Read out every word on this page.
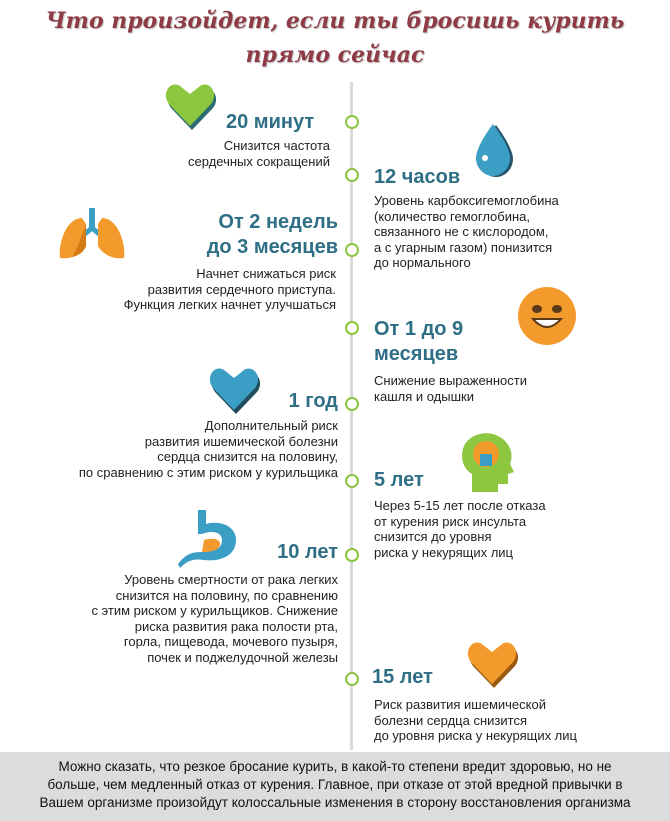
Что произойдет, если ты бросишь курить
прямо сейчас
20 минут
Снизится частота
сердечных сокращений
12 часов
Уровень карбоксигемоглобина
(количество гемоглобина,
связанного не с кислородом,
а с угарным газом) понизится
до нормального
От 2 недель
до 3 месяцев
Начнет снижаться риск
развития сердечного приступа.
Функция легких начнет улучшаться
От 1 до 9
месяцев
Снижение выраженности
кашля и одышки
1 год
Дополнительный риск
развития ишемической болезни
сердца снизится на половину,
по сравнению с этим риском у курильщика 5 лет
Через 5-15 лет после отказа
от курения риск инсульта
снизится до уровня
риска у некурящих лиц
10 лет
Уровень смертности от рака легких
снизится на половину, по сравнению
с этим риском у курильщиков. Снижение
риска развития рака полости рта,
горла, пищевода, мочевого пузыря,
почек и поджелудочной железы
15 лет
Риск развития ишемической
болезни сердца снизится
до уровня риска у некурящих лиц
Можно сказать, что резкое бросание курить, в какой-то степени вредит здоровью, но не
больше, чем медленный отказ от курения. Главное, при отказе от этой вредной привычки в
Вашем организме произойдут колоссальные изменения в сторону восстановления организма
